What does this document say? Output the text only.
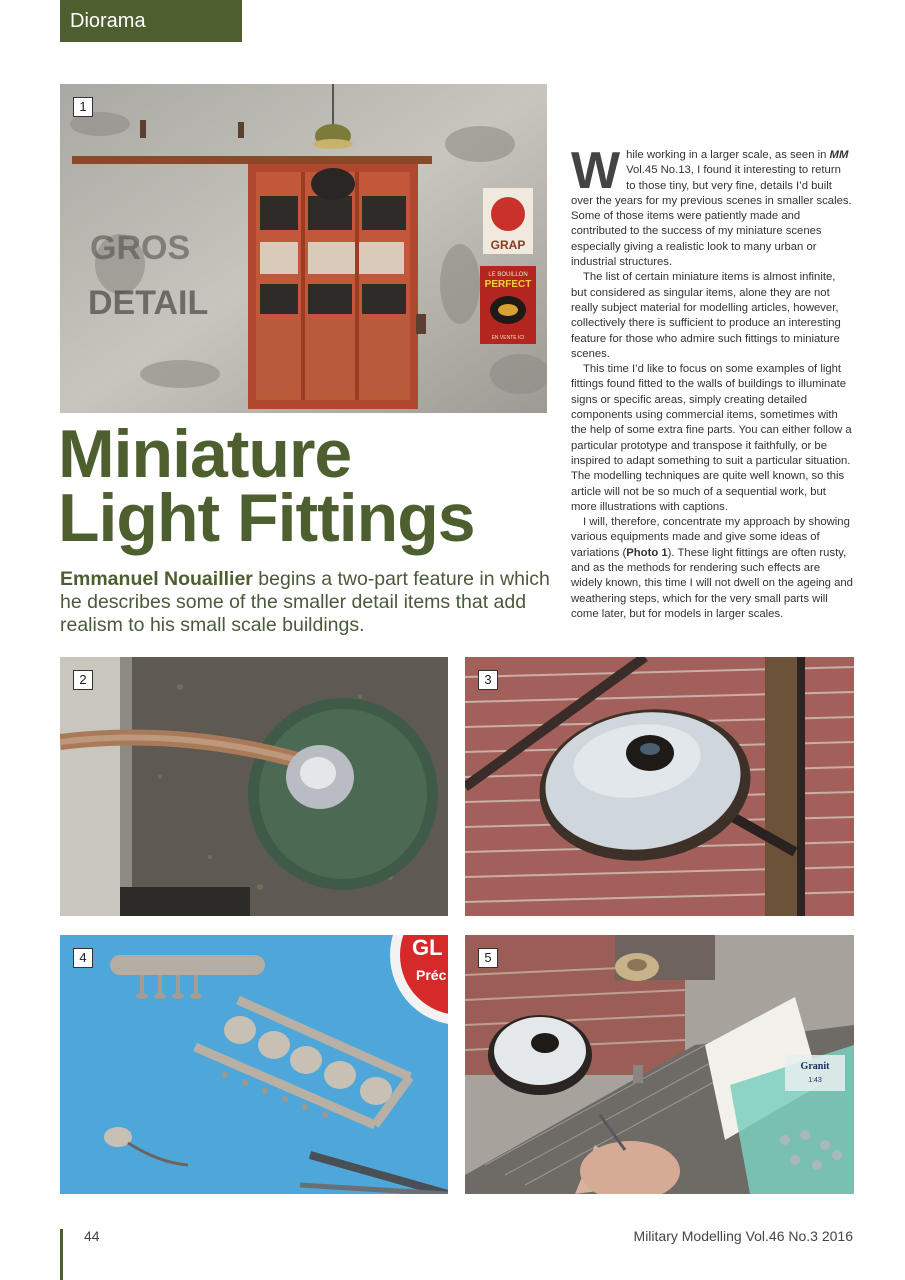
Diorama
GROS
DETAIL
GRAP
LE BOUILLON
PERFECT
EN VENTE ICI
1
Miniature
Light Fittings

Emmanuel Nouaillier begins a two-part feature in which he describes some of the smaller detail items that add realism to his small scale buildings.

While working in a larger scale, as seen in MM Vol.45 No.13, I found it interesting to return to those tiny, but very fine, details I’d built over the years for my previous scenes in smaller scales. Some of those items were patiently made and contributed to the success of my miniature scenes especially giving a realistic look to many urban or industrial structures.

The list of certain miniature items is almost infinite, but considered as singular items, alone they are not really subject material for modelling articles, however, collectively there is sufficient to produce an interesting feature for those who admire such fittings to miniature scenes.

This time I’d like to focus on some examples of light fittings found fitted to the walls of buildings to illuminate signs or specific areas, simply creating detailed components using commercial items, sometimes with the help of some extra fine parts. You can either follow a particular prototype and transpose it faithfully, or be inspired to adapt something to suit a particular situation. The modelling techniques are quite well known, so this article will not be so much of a sequential work, but more illustrations with captions.

I will, therefore, concentrate my approach by showing various equipments made and give some ideas of variations (Photo 1). These light fittings are often rusty, and as the methods for rendering such effects are widely known, this time I will not dwell on the ageing and weathering steps, which for the very small parts will come later, but for models in larger scales.

2	3
GL
Préc
4
Granit
1:43
5
44	Military Modelling Vol.46 No.3 2016
